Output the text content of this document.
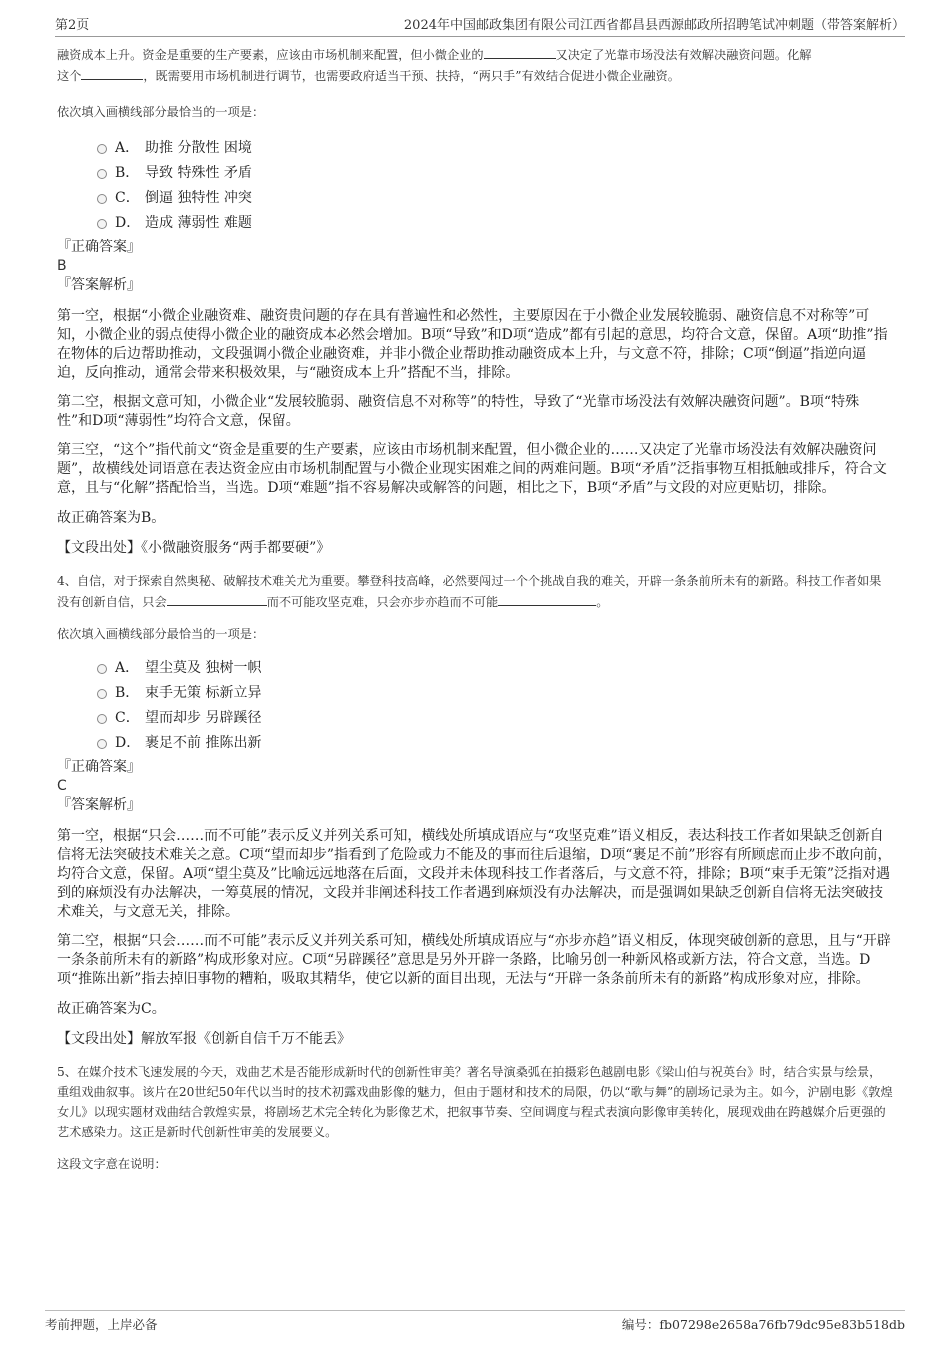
第2页	2024年中国邮政集团有限公司江西省都昌县西源邮政所招聘笔试冲刺题（带答案解析）

融资成本上升。资金是重要的生产要素，应该由市场机制来配置，但小微企业的	又决定了光靠市场没法有效解决融资问题。化解
这个	，既需要用市场机制进行调节，也需要政府适当干预、扶持，“两只手”有效结合促进小微企业融资。

依次填入画横线部分最恰当的一项是：

A． 助推 分散性 困境
B． 导致 特殊性 矛盾
C． 倒逼 独特性 冲突
D． 造成 薄弱性 难题
『正确答案』
B
『答案解析』

第一空，根据“小微企业融资难、融资贵问题的存在具有普遍性和必然性，主要原因在于小微企业发展较脆弱、融资信息不对称等”可知，小微企业的弱点使得小微企业的融资成本必然会增加。B项“导致”和D项“造成”都有引起的意思，均符合文意，保留。A项“助推”指在物体的后边帮助推动，文段强调小微企业融资难，并非小微企业帮助推动融资成本上升，与文意不符，排除；C项“倒逼”指逆向逼迫，反向推动，通常会带来积极效果，与“融资成本上升”搭配不当，排除。

第二空，根据文意可知，小微企业“发展较脆弱、融资信息不对称等”的特性，导致了“光靠市场没法有效解决融资问题”。B项“特殊性”和D项“薄弱性”均符合文意，保留。

第三空，“这个”指代前文“资金是重要的生产要素，应该由市场机制来配置，但小微企业的……又决定了光靠市场没法有效解决融资问题”，故横线处词语意在表达资金应由市场机制配置与小微企业现实困难之间的两难问题。B项“矛盾”泛指事物互相抵触或排斥，符合文意，且与“化解”搭配恰当，当选。D项“难题”指不容易解决或解答的问题，相比之下，B项“矛盾”与文段的对应更贴切，排除。

故正确答案为B。

【文段出处】《小微融资服务“两手都要硬”》

4、自信，对于探索自然奥秘、破解技术难关尤为重要。攀登科技高峰，必然要闯过一个个挑战自我的难关，开辟一条条前所未有的新路。科技工作者如果没有创新自信，只会	而不可能攻坚克难，只会亦步亦趋而不可能	。

依次填入画横线部分最恰当的一项是：

A． 望尘莫及 独树一帜
B． 束手无策 标新立异
C． 望而却步 另辟蹊径
D． 裹足不前 推陈出新
『正确答案』
C
『答案解析』

第一空，根据“只会……而不可能”表示反义并列关系可知，横线处所填成语应与“攻坚克难”语义相反，表达科技工作者如果缺乏创新自信将无法突破技术难关之意。C项“望而却步”指看到了危险或力不能及的事而往后退缩，D项“裹足不前”形容有所顾虑而止步不敢向前，均符合文意，保留。A项“望尘莫及”比喻远远地落在后面，文段并未体现科技工作者落后，与文意不符，排除；B项“束手无策”泛指对遇到的麻烦没有办法解决，一筹莫展的情况，文段并非阐述科技工作者遇到麻烦没有办法解决，而是强调如果缺乏创新自信将无法突破技术难关，与文意无关，排除。

第二空，根据“只会……而不可能”表示反义并列关系可知，横线处所填成语应与“亦步亦趋”语义相反，体现突破创新的意思，且与“开辟一条条前所未有的新路”构成形象对应。C项“另辟蹊径”意思是另外开辟一条路，比喻另创一种新风格或新方法，符合文意，当选。D项“推陈出新”指去掉旧事物的糟粕，吸取其精华，使它以新的面目出现，无法与“开辟一条条前所未有的新路”构成形象对应，排除。

故正确答案为C。

【文段出处】解放军报《创新自信千万不能丢》

5、在媒介技术飞速发展的今天，戏曲艺术是否能形成新时代的创新性审美？著名导演桑弧在拍摄彩色越剧电影《梁山伯与祝英台》时，结合实景与绘景，重组戏曲叙事。该片在20世纪50年代以当时的技术初露戏曲影像的魅力，但由于题材和技术的局限，仍以“歌与舞”的剧场记录为主。如今，沪剧电影《敦煌女儿》以现实题材戏曲结合敦煌实景，将剧场艺术完全转化为影像艺术，把叙事节奏、空间调度与程式表演向影像审美转化，展现戏曲在跨越媒介后更强的艺术感染力。这正是新时代创新性审美的发展要义。

这段文字意在说明：

考前押题，上岸必备	编号：fb07298e2658a76fb79dc95e83b518db
